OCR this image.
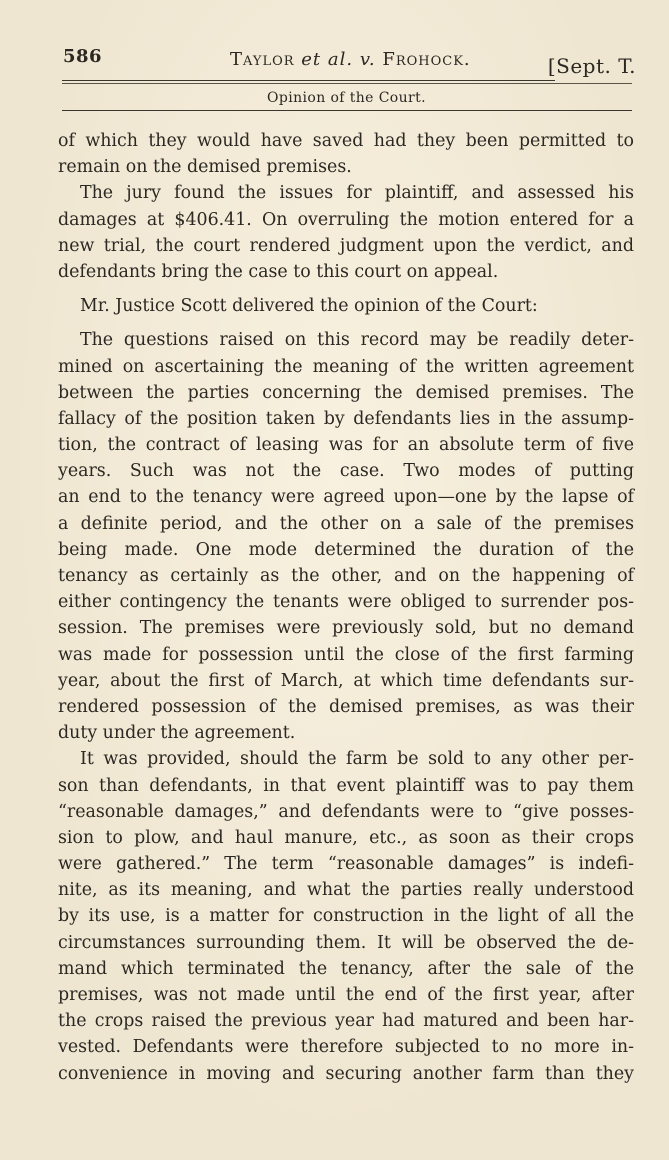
586	Taylor et al. v. Frohock.	[Sept. T.
Opinion of the Court.
of which they would have saved had they been permitted to
remain on the demised premises.
The jury found the issues for plaintiff, and assessed his
damages at $406.41. On overruling the motion entered for a
new trial, the court rendered judgment upon the verdict, and
defendants bring the case to this court on appeal.
Mr. Justice Scott delivered the opinion of the Court:
The questions raised on this record may be readily deter-
mined on ascertaining the meaning of the written agreement
between the parties concerning the demised premises. The
fallacy of the position taken by defendants lies in the assump-
tion, the contract of leasing was for an absolute term of five
years. Such was not the case. Two modes of putting
an end to the tenancy were agreed upon—one by the lapse of
a definite period, and the other on a sale of the premises
being made. One mode determined the duration of the
tenancy as certainly as the other, and on the happening of
either contingency the tenants were obliged to surrender pos-
session. The premises were previously sold, but no demand
was made for possession until the close of the first farming
year, about the first of March, at which time defendants sur-
rendered possession of the demised premises, as was their
duty under the agreement.
It was provided, should the farm be sold to any other per-
son than defendants, in that event plaintiff was to pay them
“reasonable damages,” and defendants were to “give posses-
sion to plow, and haul manure, etc., as soon as their crops
were gathered.” The term “reasonable damages” is indefi-
nite, as its meaning, and what the parties really understood
by its use, is a matter for construction in the light of all the
circumstances surrounding them. It will be observed the de-
mand which terminated the tenancy, after the sale of the
premises, was not made until the end of the first year, after
the crops raised the previous year had matured and been har-
vested. Defendants were therefore subjected to no more in-
convenience in moving and securing another farm than they
